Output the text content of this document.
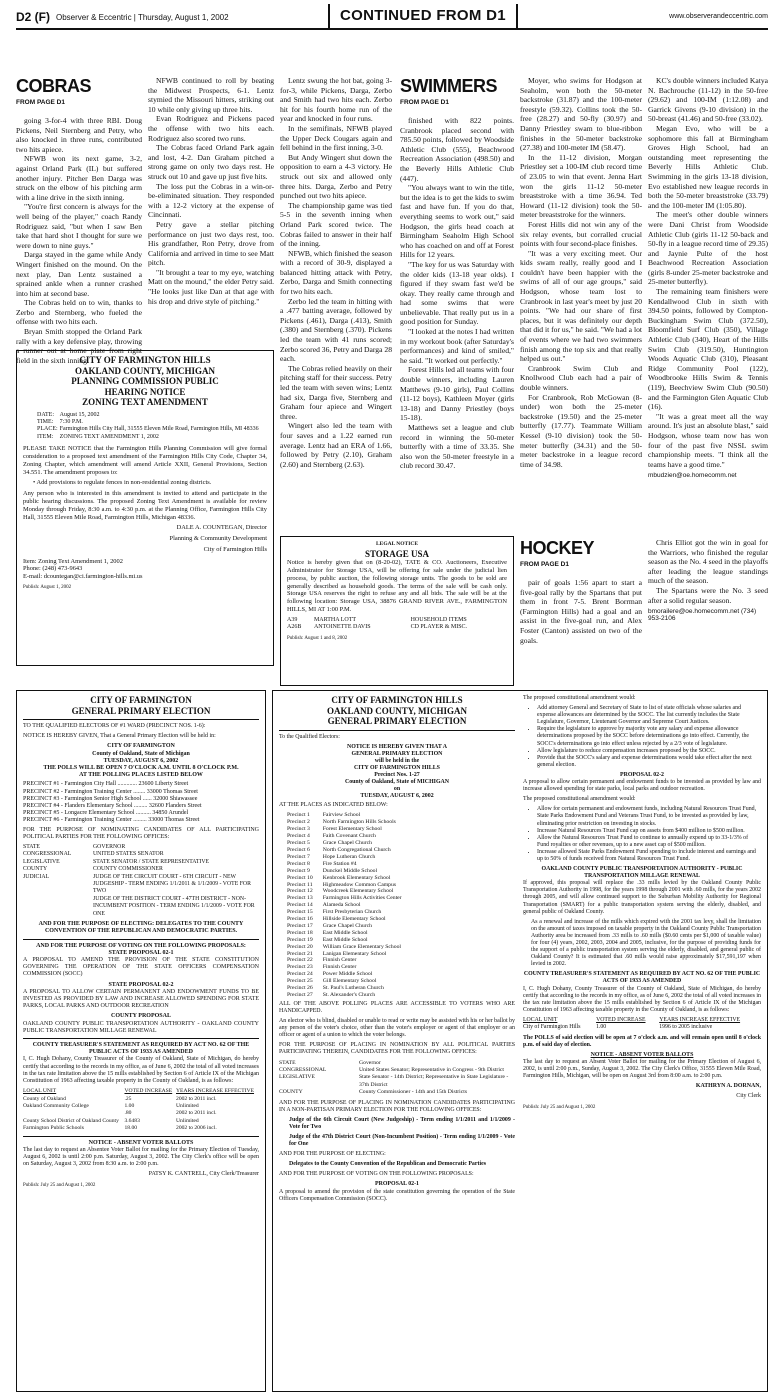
D2 (F) Observer & Eccentric | Thursday, August 1, 2002	CONTINUED FROM D1	www.observerandeccentric.com
COBRAS
FROM PAGE D1

going 3-for-4 with three RBI. Doug Pickens, Neil Sternberg and Petry, who also knocked in three runs, contributed two hits apiece.

NFWB won its next game, 3-2, against Orland Park (IL) but suffered another injury. Pitcher Ben Darga was struck on the elbow of his pitching arm with a line drive in the sixth inning.

"You're first concern is always for the well being of the player," coach Randy Rodriguez said, "but when I saw Ben take that hard shot I thought for sure we were down to nine guys."

Darga stayed in the game while Andy Wingert finished on the mound. On the next play, Dan Lentz sustained a sprained ankle when a runner crashed into him at second base.

The Cobras held on to win, thanks to Zerbo and Sternberg, who fueled the offense with two hits each.

Bryan Smith stopped the Orland Park rally with a key defensive play, throwing a runner out at home plate from right field in the sixth inning.

NFWB continued to roll by beating the Midwest Prospects, 6-1. Lentz stymied the Missouri hitters, striking out 10 while only giving up three hits.

Evan Rodriguez and Pickens paced the offense with two hits each. Rodriguez also scored two runs.

The Cobras faced Orland Park again and lost, 4-2. Dan Graham pitched a strong game on only two days rest. He struck out 10 and gave up just five hits.

The loss put the Cobras in a win-or-be-eliminated situation. They responded with a 12-2 victory at the expense of Cincinnati.

Petry gave a stellar pitching performance on just two days rest, too. His grandfather, Ron Petry, drove from California and arrived in time to see Matt pitch.

"It brought a tear to my eye, watching Matt on the mound," the elder Petry said. "He looks just like Dan at that age with his drop and drive style of pitching."

Lentz swung the hot bat, going 3-for-3, while Pickens, Darga, Zerbo and Smith had two hits each. Zerbo hit for his fourth home run of the year and knocked in four runs.

In the semifinals, NFWB played the Upper Deck Cougars again and fell behind in the first inning, 3-0.

But Andy Wingert shut down the opposition to earn a 4-3 victory. He struck out six and allowed only three hits. Darga, Zerbo and Petry punched out two hits apiece.

The championship game was tied 5-5 in the seventh inning when Orland Park scored twice. The Cobras failed to answer in their half of the inning.

NFWB, which finished the season with a record of 30-9, displayed a balanced hitting attack with Petry, Zerbo, Darga and Smith connecting for two hits each.

Zerbo led the team in hitting with a .477 batting average, followed by Pickens (.461), Darga (.413), Smith (.380) and Sternberg (.370). Pickens led the team with 41 runs scored; Zerbo scored 36, Petry and Darga 28 each.

The Cobras relied heavily on their pitching staff for their success. Petry led the team with seven wins; Lentz had six, Darga five, Sternberg and Graham four apiece and Wingert three.

Wingert also led the team with four saves and a 1.22 earned run average. Lentz had an ERA of 1.66, followed by Petry (2.10), Graham (2.60) and Sternberg (2.63).

CITY OF FARMINGTON HILLS
OAKLAND COUNTY, MICHIGAN
PLANNING COMMISSION PUBLIC
HEARING NOTICE
ZONING TEXT AMENDMENT
DATE:	August 15, 2002
TIME:	7:30 P.M.
PLACE:	Farmington Hills City Hall, 31555 Eleven Mile Road, Farmington Hills, MI 48336
ITEM:	ZONING TEXT AMENDMENT 1, 2002

PLEASE TAKE NOTICE that the Farmington Hills Planning Commission will give formal consideration to a proposed text amendment of the Farmington Hills City Code, Chapter 34, Zoning Chapter, which amendment will amend Article XXII, General Provisions, Section 34.551. The amendment proposes to:

• Add provisions to regulate fences in non-residential zoning districts.

Any person who is interested in this amendment is invited to attend and participate in the public hearing discussions. The proposed Zoning Text Amendment is available for review Monday through Friday, 8:30 a.m. to 4:30 p.m. at the Planning Office, Farmington Hills City Hall, 31555 Eleven Mile Road, Farmington Hills, Michigan 48336.

DALE A. COUNTEGAN, Director
Planning & Community Development
City of Farmington Hills
Item: Zoning Text Amendment 1, 2002
Phone: (248) 473-9643
E-mail: dcountegan@ci.farmington-hills.mi.us
Publish: August 1, 2002
SWIMMERS
FROM PAGE D1

finished with 822 points. Cranbrook placed second with 785.50 points, followed by Woodside Athletic Club (555), Beachwood Recreation Association (498.50) and the Beverly Hills Athletic Club (447).

"You always want to win the title, but the idea is to get the kids to swim fast and have fun. If you do that, everything seems to work out," said Hodgson, the girls head coach at Birmingham Seaholm High School who has coached on and off at Forest Hills for 12 years.

"The key for us was Saturday with the older kids (13-18 year olds). I figured if they swam fast we'd be okay. They really came through and had some swims that were unbelievable. That really put us in a good position for Sunday.

"I looked at the notes I had written in my workout book (after Saturday's performances) and kind of smiled," he said. "It worked out perfectly."

Forest Hills led all teams with four double winners, including Lauren Matthews (9-10 girls), Paul Collins (11-12 boys), Kathleen Moyer (girls 13-18) and Danny Priestley (boys 15-18).

Matthews set a league and club record in winning the 50-meter butterfly with a time of 33.35. She also won the 50-meter freestyle in a club record 30.47.

Moyer, who swims for Hodgson at Seaholm, won both the 50-meter backstroke (31.87) and the 100-meter freestyle (59.32). Collins took the 50-free (28.27) and 50-fly (30.97) and Danny Priestley swam to blue-ribbon finishes in the 50-meter backstroke (27.38) and 100-meter IM (58.47).

In the 11-12 division, Morgan Priestley set a 100-IM club record time of 23.05 to win that event. Jenna Hart won the girls 11-12 50-meter breaststroke with a time 36.94. Ted Howard (11-12 division) took the 50-meter breaststroke for the winners.

Forest Hills did not win any of the six relay events, but corralled crucial points with four second-place finishes.

"It was a very exciting meet. Our kids swam really, really good and I couldn't have been happier with the swims of all of our age groups," said Hodgson, whose team lost to Cranbrook in last year's meet by just 20 points. "We had our share of first places, but it was definitely our depth that did it for us," he said. "We had a lot of events where we had two swimmers finish among the top six and that really helped us out."

Cranbrook Swim Club and Knollwood Club each had a pair of double winners.

For Cranbrook, Rob McGowan (8-under) won both the 25-meter backstroke (19.50) and the 25-meter butterfly (17.77). Teammate William Kessel (9-10 division) took the 50-meter butterfly (34.31) and the 50-meter backstroke in a league record time of 34.98.

KC's double winners included Katya N. Bachrouche (11-12) in the 50-free (29.62) and 100-IM (1:12.08) and Garrick Givens (9-10 division) in the 50-breast (41.46) and 50-free (33.02).

Megan Evo, who will be a sophomore this fall at Birmingham Groves High School, had an outstanding meet representing the Beverly Hills Athletic Club. Swimming in the girls 13-18 division, Evo established new league records in both the 50-meter breaststroke (33.79) and the 100-meter IM (1:05.80).

The meet's other double winners were Dani Christ from Woodside Athletic Club (girls 11-12 50-back and 50-fly in a league record time of 29.35) and Jaynie Pulte of the host Beachwood Recreation Association (girls 8-under 25-meter backstroke and 25-meter butterfly).

The remaining team finishers were Kendallwood Club in sixth with 394.50 points, followed by Compton-Buckingham Swim Club (372.50), Bloomfield Surf Club (350), Village Athletic Club (340), Heart of the Hills Swim Club (319.50), Huntington Woods Aquatic Club (310), Pleasant Ridge Community Pool (122), Woodbrooke Hills Swim & Tennis (119), Beechview Swim Club (90.50) and the Farmington Glen Aquatic Club (16).

"It was a great meet all the way around. It's just an absolute blast," said Hodgson, whose team now has won four of the past five NSSL swim championship meets. "I think all the teams have a good time."

mbudzien@oe.homecomm.net
LEGAL NOTICE
STORAGE USA

Notice is hereby given that on (8-20-02), TATE & CO. Auctioneers, Executive Administrator for Storage USA, will be offering for sale under the judicial lien process, by public auction, the following storage units. The goods to be sold are generally described as household goods. The terms of the sale will be cash only. Storage USA reserves the right to refuse any and all bids. The sale will be at the following location: Storage USA, 38876 GRAND RIVER AVE., FARMINGTON HILLS, MI AT 1:00 P.M.

A39	MARTHA LOTT	HOUSEHOLD ITEMS
A26B	ANTOINETTE DAVIS	CD PLAYER & MISC.
Publish: August 1 and 8, 2002
HOCKEY
FROM PAGE D1

pair of goals 1:56 apart to start a five-goal rally by the Spartans that put them in front 7-5. Brent Borrman (Farmington Hills) had a goal and an assist in the five-goal run, and Alex Foster (Canton) assisted on two of the goals.

Chris Elliot got the win in goal for the Warriors, who finished the regular season as the No. 4 seed in the playoffs after leading the league standings much of the season.

The Spartans were the No. 3 seed after a solid regular season.

bmorailere@oe.homecomm.net (734) 953-2106
CITY OF FARMINGTON
GENERAL PRIMARY ELECTION

TO THE QUALIFIED ELECTORS OF #1 WARD (PRECINCT NOS. 1-6):

NOTICE IS HEREBY GIVEN, That a General Primary Election will be held in:

CITY OF FARMINGTON
County of Oakland, State of Michigan
TUESDAY, AUGUST 6, 2002
THE POLLS WILL BE OPEN 7 O'CLOCK A.M. UNTIL 8 O'CLOCK P.M.
AT THE POLLING PLACES LISTED BELOW
PRECINCT #1 - Farmington City Hall ............. 23600 Liberty Street
PRECINCT #2 - Farmington Training Center ........ 33000 Thomas Street
PRECINCT #3 - Farmington Senior High School ...... 32000 Shiawassee
PRECINCT #4 - Flanders Elementary School ......... 32600 Flanders Street
PRECINCT #5 - Longacre Elementary School .......... 34850 Arundel
PRECINCT #6 - Farmington Training Center ......... 33000 Thomas Street

FOR THE PURPOSE OF NOMINATING CANDIDATES OF ALL PARTICIPATING POLITICAL PARTIES FOR THE FOLLOWING OFFICES:

STATE	GOVERNOR
CONGRESSIONAL	UNITED STATES SENATOR
LEGISLATIVE	STATE SENATOR / STATE REPRESENTATIVE
COUNTY	COUNTY COMMISSIONER
JUDICIAL	JUDGE OF THE CIRCUIT COURT - 6TH CIRCUIT - NEW JUDGESHIP - TERM ENDING 1/1/2011 & 1/1/2009 - VOTE FOR TWO
	JUDGE OF THE DISTRICT COURT - 47TH DISTRICT - NON-INCUMBENT POSITION - TERM ENDING 1/1/2009 - VOTE FOR ONE
AND FOR THE PURPOSE OF ELECTING: DELEGATES TO THE COUNTY CONVENTION OF THE REPUBLICAN AND DEMOCRATIC PARTIES.
AND FOR THE PURPOSE OF VOTING ON THE FOLLOWING PROPOSALS:
STATE PROPOSAL 02-1

A PROPOSAL TO AMEND THE PROVISION OF THE STATE CONSTITUTION GOVERNING THE OPERATION OF THE STATE OFFICERS COMPENSATION COMMISSION (SOCC)

STATE PROPOSAL 02-2

A PROPOSAL TO ALLOW CERTAIN PERMANENT AND ENDOWMENT FUNDS TO BE INVESTED AS PROVIDED BY LAW AND INCREASE ALLOWED SPENDING FOR STATE PARKS, LOCAL PARKS AND OUTDOOR RECREATION

COUNTY PROPOSAL

OAKLAND COUNTY PUBLIC TRANSPORTATION AUTHORITY - OAKLAND COUNTY PUBLIC TRANSPORTATION MILLAGE RENEWAL

COUNTY TREASURER'S STATEMENT AS REQUIRED BY ACT NO. 62 OF THE PUBLIC ACTS OF 1933 AS AMENDED

I, C. Hugh Dohany, County Treasurer of the County of Oakland, State of Michigan, do hereby certify that according to the records in my office, as of June 6, 2002 the total of all voted increases in the tax rate limitation above the 15 mills established by Section 6 of Article IX of the Michigan Constitution of 1963 affecting taxable property in the County of Oakland, is as follows:

LOCAL UNIT	VOTED INCREASE	YEARS INCREASE EFFECTIVE
County of Oakland	.25	2002 to 2011 incl.
Oakland Community College	1.00	Unlimited
	.80	2002 to 2011 incl.
County School District of Oakland County	3.6483	Unlimited
Farmington Public Schools	18.00	2002 to 2006 incl.
NOTICE - ABSENT VOTER BALLOTS

The last day to request an Absentee Voter Ballot for mailing for the Primary Election of Tuesday, August 6, 2002 is until 2:00 p.m. Saturday, August 3, 2002. The City Clerk's office will be open on Saturday, August 3, 2002 from 8:30 a.m. to 2:00 p.m.

PATSY K. CANTRELL, City Clerk/Treasurer
Publish: July 25 and August 1, 2002
CITY OF FARMINGTON HILLS
OAKLAND COUNTY, MICHIGAN
GENERAL PRIMARY ELECTION

To the Qualified Electors:

NOTICE IS HEREBY GIVEN THAT A
GENERAL PRIMARY ELECTION
will be held in the
CITY OF FARMINGTON HILLS
Precinct Nos. 1-27
County of Oakland, State of MICHIGAN
on
TUESDAY, AUGUST 6, 2002

AT THE PLACES AS INDICATED BELOW:

Precinct 1	Fairview School
Precinct 2	North Farmington Hills Schools
Precinct 3	Forest Elementary School
Precinct 4	Faith Covenant Church
Precinct 5	Grace Chapel Church
Precinct 6	North Congregational Church
Precinct 7	Hope Lutheran Church
Precinct 8	Fire Station #4
Precinct 9	Dunckel Middle School
Precinct 10	Kenbrook Elementary School
Precinct 11	Highmeadow Common Campus
Precinct 12	Woodcreek Elementary School
Precinct 13	Farmington Hills Activities Center
Precinct 14	Alameda School
Precinct 15	First Presbyterian Church
Precinct 16	Hillside Elementary School
Precinct 17	Grace Chapel Church
Precinct 18	East Middle School
Precinct 19	East Middle School
Precinct 20	William Grace Elementary School
Precinct 21	Lanigan Elementary School
Precinct 22	Finnish Center
Precinct 23	Finnish Center
Precinct 24	Power Middle School
Precinct 25	Gill Elementary School
Precinct 26	St. Paul's Lutheran Church
Precinct 27	St. Alexander's Church

ALL OF THE ABOVE POLLING PLACES ARE ACCESSIBLE TO VOTERS WHO ARE HANDICAPPED.

An elector who is blind, disabled or unable to read or write may be assisted with his or her ballot by any person of the voter's choice, other than the voter's employer or agent of that employer or an officer or agent of a union to which the voter belongs.

FOR THE PURPOSE OF PLACING IN NOMINATION BY ALL POLITICAL PARTIES PARTICIPATING THEREIN, CANDIDATES FOR THE FOLLOWING OFFICES:

STATE	Governor
CONGRESSIONAL	United States Senator; Representative in Congress - 9th District
LEGISLATIVE	State Senator - 14th District; Representative in State Legislature - 37th District
COUNTY	County Commissioner - 14th and 15th Districts

AND FOR THE PURPOSE OF PLACING IN NOMINATION CANDIDATES PARTICIPATING IN A NON-PARTISAN PRIMARY ELECTION FOR THE FOLLOWING OFFICES:

Judge of the 6th Circuit Court (New Judgeship) - Term ending 1/1/2011 and 1/1/2009 - Vote for Two

Judge of the 47th District Court (Non-Incumbent Position) - Term ending 1/1/2009 - Vote for One

AND FOR THE PURPOSE OF ELECTING:

Delegates to the County Convention of the Republican and Democratic Parties

AND FOR THE PURPOSE OF VOTING ON THE FOLLOWING PROPOSALS:

PROPOSAL 02-1

A proposal to amend the provision of the state constitution governing the operation of the State Officers Compensation Commission (SOCC).

The proposed constitutional amendment would:

• Add attorney General and Secretary of State to list of state officials whose salaries and expense allowances are determined by the SOCC. The list currently includes the State Legislature, Governor, Lieutenant Governor and Supreme Court Justices.
• Require the legislature to approve by majority vote any salary and expense allowance determinations proposed by the SOCC before determinations go into effect. Currently, the SOCC's determinations go into effect unless rejected by a 2/3 vote of legislature.
• Allow legislature to reduce compensation increases proposed by the SOCC.
• Provide that the SOCC's salary and expense determinations would take effect after the next general election.
PROPOSAL 02-2

A proposal to allow certain permanent and endowment funds to be invested as provided by law and increase allowed spending for state parks, local parks and outdoor recreation.

The proposed constitutional amendment would:

• Allow for certain permanent and endowment funds, including Natural Resources Trust Fund, State Parks Endowment Fund and Veterans Trust Fund, to be invested as provided by law, eliminating prior restriction on investing in stocks.
• Increase Natural Resources Trust Fund cap on assets from $400 million to $500 million.
• Allow the Natural Resources Trust Fund to continue to annually expend up to 33-1/3% of Fund royalties or other revenues, up to a new asset cap of $500 million.
• Increase allowed State Parks Endowment Fund spending to include interest and earnings and up to 50% of funds received from Natural Resources Trust Fund.
OAKLAND COUNTY PUBLIC TRANSPORTATION AUTHORITY - PUBLIC TRANSPORTATION MILLAGE RENEWAL

If approved, this proposal will replace the .33 mills levied by the Oakland County Public Transportation Authority in 1998, for the years 1998 through 2001 with .60 mills, for the years 2002 through 2005, and will allow continued support to the Suburban Mobility Authority for Regional Transportation (SMART) for a public transportation system serving the elderly, disabled, and general public of Oakland County.

As a renewal and increase of the mills which expired with the 2001 tax levy, shall the limitation on the amount of taxes imposed on taxable property in the Oakland County Public Transportation Authority area be increased from .33 mills to .60 mills ($0.60 cents per $1,000 of taxable value) for four (4) years, 2002, 2003, 2004 and 2005, inclusive, for the purpose of providing funds for the support of a public transportation system serving the elderly, disabled, and general public of Oakland County? It is estimated that .60 mills would raise approximately $17,591,197 when levied in 2002.

COUNTY TREASURER'S STATEMENT AS REQUIRED BY ACT NO. 62 OF THE PUBLIC ACTS OF 1933 AS AMENDED

I, C. Hugh Dohany, County Treasurer of the County of Oakland, State of Michigan, do hereby certify that according to the records in my office, as of June 6, 2002 the total of all voted increases in the tax rate limitation above the 15 mills established by Section 6 of Article IX of the Michigan Constitution of 1963 affecting taxable property in the County of Oakland, is as follows:

LOCAL UNIT	VOTED INCREASE	YEARS INCREASE EFFECTIVE
City of Farmington Hills	1.00	1996 to 2005 inclusive

The POLLS of said election will be open at 7 o'clock a.m. and will remain open until 8 o'clock p.m. of said day of election.

NOTICE - ABSENT VOTER BALLOTS

The last day to request an Absent Voter Ballot for mailing for the Primary Election of August 6, 2002, is until 2:00 p.m., Sunday, August 3, 2002. The City Clerk's Office, 31555 Eleven Mile Road, Farmington Hills, Michigan, will be open on August 3rd from 8:00 a.m. to 2:00 p.m.

KATHRYN A. DORNAN,
City Clerk
Publish: July 25 and August 1, 2002
